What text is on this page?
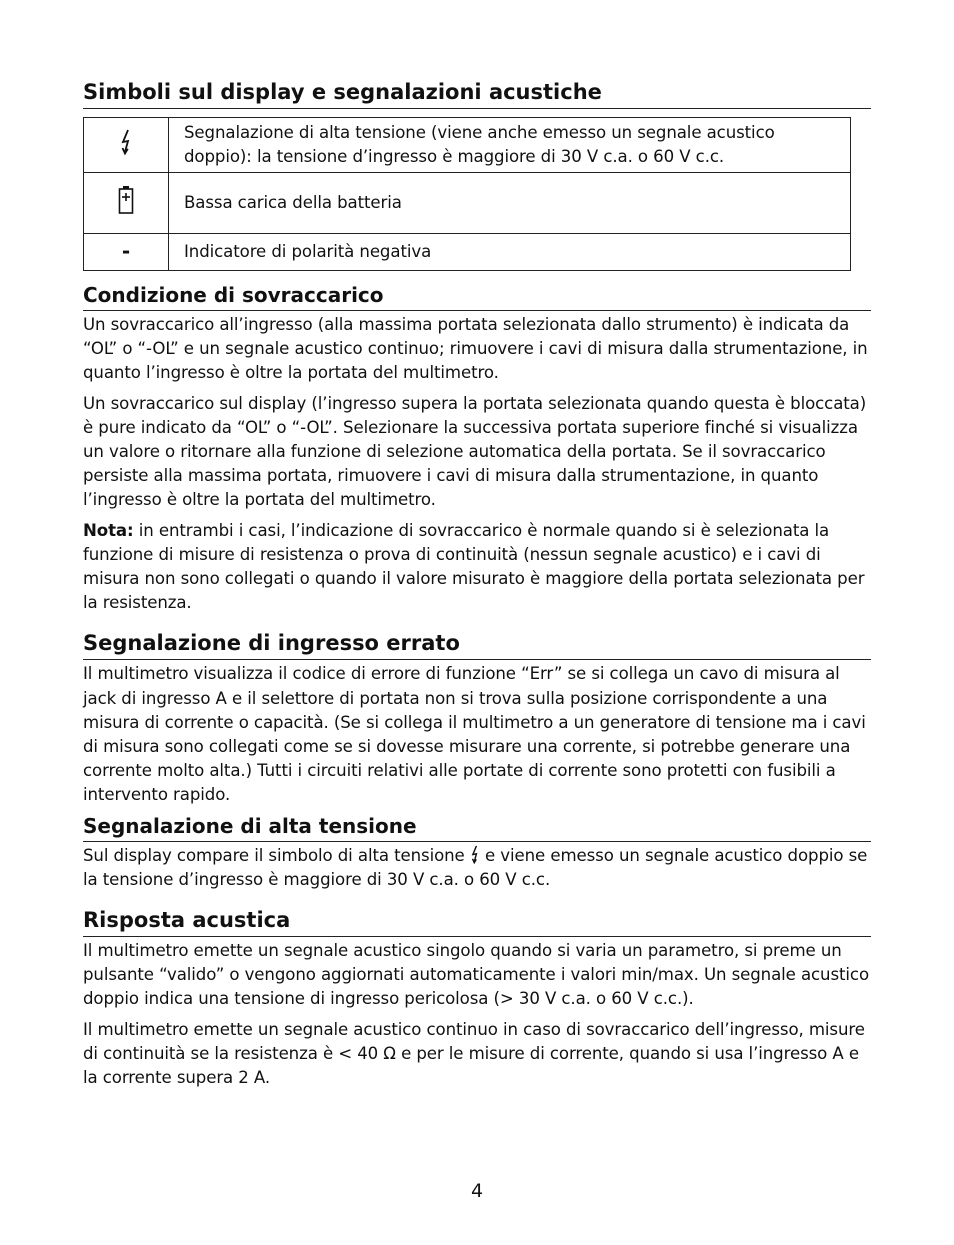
Simboli sul display e segnalazioni acustiche

Segnalazione di alta tensione (viene anche emesso un segnale acustico doppio): la tensione d’ingresso è maggiore di 30 V c.a. o 60 V c.c.

Bassa carica della batteria

-	Indicatore di polarità negativa

Condizione di sovraccarico

Un sovraccarico all’ingresso (alla massima portata selezionata dallo strumento) è indicata da “OL” o “-OL” e un segnale acustico continuo; rimuovere i cavi di misura dalla strumentazione, in quanto l’ingresso è oltre la portata del multimetro.

Un sovraccarico sul display (l’ingresso supera la portata selezionata quando questa è bloccata) è pure indicato da “OL” o “-OL”. Selezionare la successiva portata superiore finché si visualizza un valore o ritornare alla funzione di selezione automatica della portata. Se il sovraccarico persiste alla massima portata, rimuovere i cavi di misura dalla strumentazione, in quanto l’ingresso è oltre la portata del multimetro.

Nota: in entrambi i casi, l’indicazione di sovraccarico è normale quando si è selezionata la funzione di misure di resistenza o prova di continuità (nessun segnale acustico) e i cavi di misura non sono collegati o quando il valore misurato è maggiore della portata selezionata per la resistenza.

Segnalazione di ingresso errato

Il multimetro visualizza il codice di errore di funzione “Err” se si collega un cavo di misura al jack di ingresso A e il selettore di portata non si trova sulla posizione corrispondente a una misura di corrente o capacità. (Se si collega il multimetro a un generatore di tensione ma i cavi di misura sono collegati come se si dovesse misurare una corrente, si potrebbe generare una corrente molto alta.) Tutti i circuiti relativi alle portate di corrente sono protetti con fusibili a intervento rapido.

Segnalazione di alta tensione

Sul display compare il simbolo di alta tensione  e viene emesso un segnale acustico doppio se la tensione d’ingresso è maggiore di 30 V c.a. o 60 V c.c.

Risposta acustica

Il multimetro emette un segnale acustico singolo quando si varia un parametro, si preme un pulsante “valido” o vengono aggiornati automaticamente i valori min/max. Un segnale acustico doppio indica una tensione di ingresso pericolosa (> 30 V c.a. o 60 V c.c.).

Il multimetro emette un segnale acustico continuo in caso di sovraccarico dell’ingresso, misure di continuità se la resistenza è < 40 Ω e per le misure di corrente, quando si usa l’ingresso A e la corrente supera 2 A.

4
